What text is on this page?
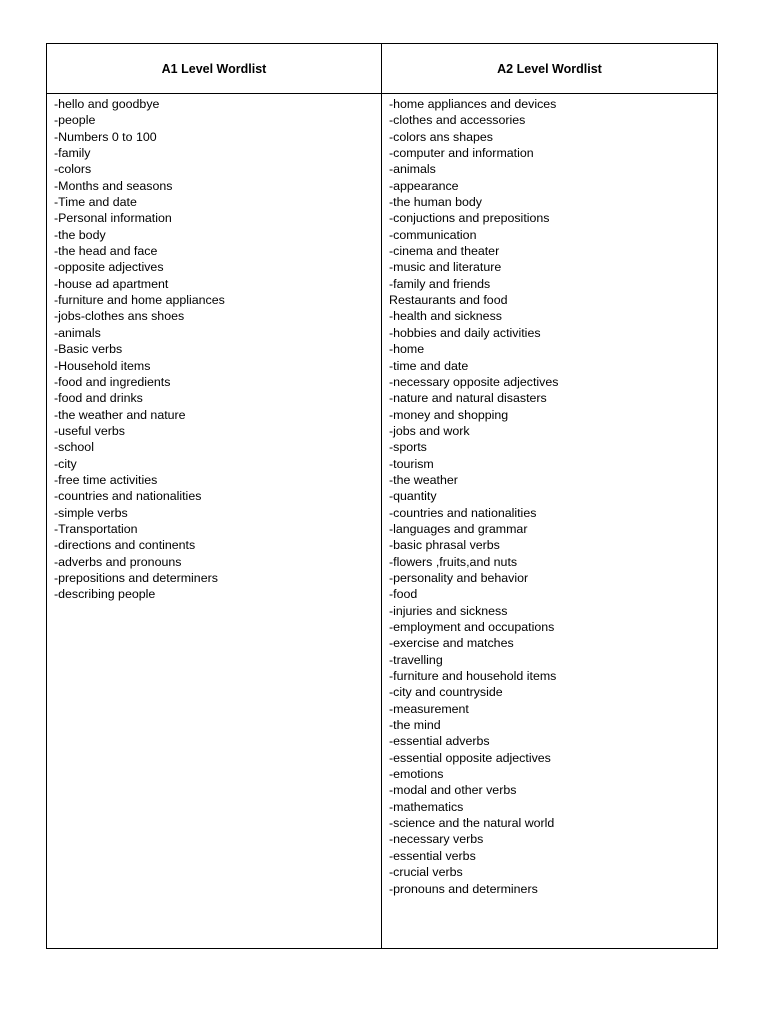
A1 Level Wordlist	A2 Level Wordlist
-hello and goodbye
-people
-Numbers 0 to 100
-family
-colors
-Months and seasons
-Time and date
-Personal information
-the body
-the head and face
-opposite adjectives
-house ad apartment
-furniture and home appliances
-jobs-clothes ans shoes
-animals
-Basic verbs
-Household items
-food and ingredients
-food and drinks
-the weather and nature
-useful verbs
-school
-city
-free time activities
-countries and nationalities
-simple verbs
-Transportation
-directions and continents
-adverbs and pronouns
-prepositions and determiners
-describing people
-home appliances and devices
-clothes and accessories
-colors ans shapes
-computer and information
-animals
-appearance
-the human body
-conjuctions and prepositions
-communication
-cinema and theater
-music and literature
-family and friends
Restaurants and food
-health and sickness
-hobbies and daily activities
-home
-time and date
-necessary opposite adjectives
-nature and natural disasters
-money and shopping
-jobs and work
-sports
-tourism
-the weather
-quantity
-countries and nationalities
-languages and grammar
-basic phrasal verbs
-flowers ,fruits,and nuts
-personality and behavior
-food
-injuries and sickness
-employment and occupations
-exercise and matches
-travelling
-furniture and household items
-city and countryside
-measurement
-the mind
-essential adverbs
-essential opposite adjectives
-emotions
-modal and other verbs
-mathematics
-science and the natural world
-necessary verbs
-essential verbs
-crucial verbs
-pronouns and determiners
